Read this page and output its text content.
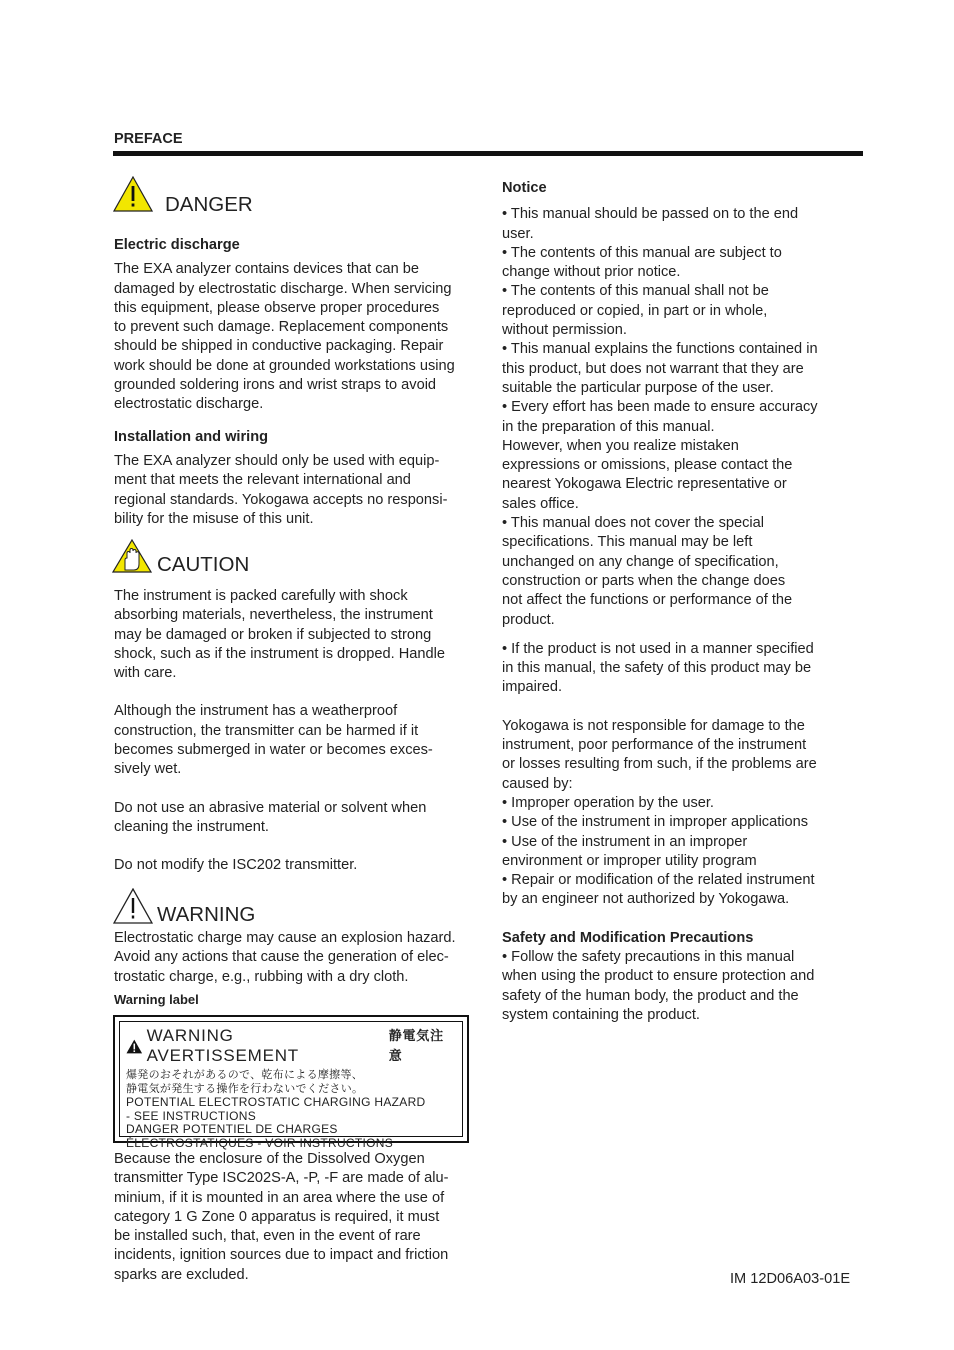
PREFACE
DANGER

Electric discharge

The EXA analyzer contains devices that can be

damaged by electrostatic discharge. When servicing

this equipment, please observe proper procedures

to prevent such damage. Replacement components

should be shipped in conductive packaging. Repair

work should be done at grounded workstations using

grounded soldering irons and wrist straps to avoid

electrostatic discharge.

Installation and wiring

The EXA analyzer should only be used with equip-

ment that meets the relevant international and

regional standards. Yokogawa accepts no responsi-

bility for the misuse of this unit.

CAUTION

The instrument is packed carefully with shock

absorbing materials, nevertheless, the instrument

may be damaged or broken if subjected to strong

shock, such as if the instrument is dropped. Handle

with care.

Although the instrument has a weatherproof

construction, the transmitter can be harmed if it

becomes submerged in water or becomes exces-

sively wet.

Do not use an abrasive material or solvent when

cleaning the instrument.

Do not modify the ISC202 transmitter.

WARNING

Electrostatic charge may cause an explosion hazard.

Avoid any actions that cause the generation of elec-

trostatic charge, e.g., rubbing with a dry cloth.

Warning label
WARNING AVERTISSEMENT
静電気注意
爆発のおそれがあるので、乾布による摩擦等、
静電気が発生する操作を行わないでください。
POTENTIAL ELECTROSTATIC CHARGING HAZARD
- SEE INSTRUCTIONS
DANGER POTENTIEL DE CHARGES
ÉLECTROSTATIQUES - VOIR INSTRUCTIONS

Because the enclosure of the Dissolved Oxygen

transmitter Type ISC202S-A, -P, -F are made of alu-

minium, if it is mounted in an area where the use of

category 1 G Zone 0 apparatus is required, it must

be installed such, that, even in the event of rare

incidents, ignition sources due to impact and friction

sparks are excluded.

Notice

• This manual should be passed on to the end

user.

• The contents of this manual are subject to

change without prior notice.

• The contents of this manual shall not be

reproduced or copied, in part or in whole,

without permission.

• This manual explains the functions contained in

this product, but does not warrant that they are

suitable the particular purpose of the user.

• Every effort has been made to ensure accuracy

in the preparation of this manual.

However, when you realize mistaken

expressions or omissions, please contact the

nearest Yokogawa Electric representative or

sales office.

• This manual does not cover the special

specifications. This manual may be left

unchanged on any change of specification,

construction or parts when the change does

not affect the functions or performance of the

product.

• If the product is not used in a manner specified

in this manual, the safety of this product may be

impaired.

Yokogawa is not responsible for damage to the

instrument, poor performance of the instrument

or losses resulting from such, if the problems are

caused by:

• Improper operation by the user.

• Use of the instrument in improper applications

• Use of the instrument in an improper

environment or improper utility program

• Repair or modification of the related instrument

by an engineer not authorized by Yokogawa.

Safety and Modification Precautions

• Follow the safety precautions in this manual

when using the product to ensure protection and

safety of the human body, the product and the

system containing the product.

IM 12D06A03-01E
